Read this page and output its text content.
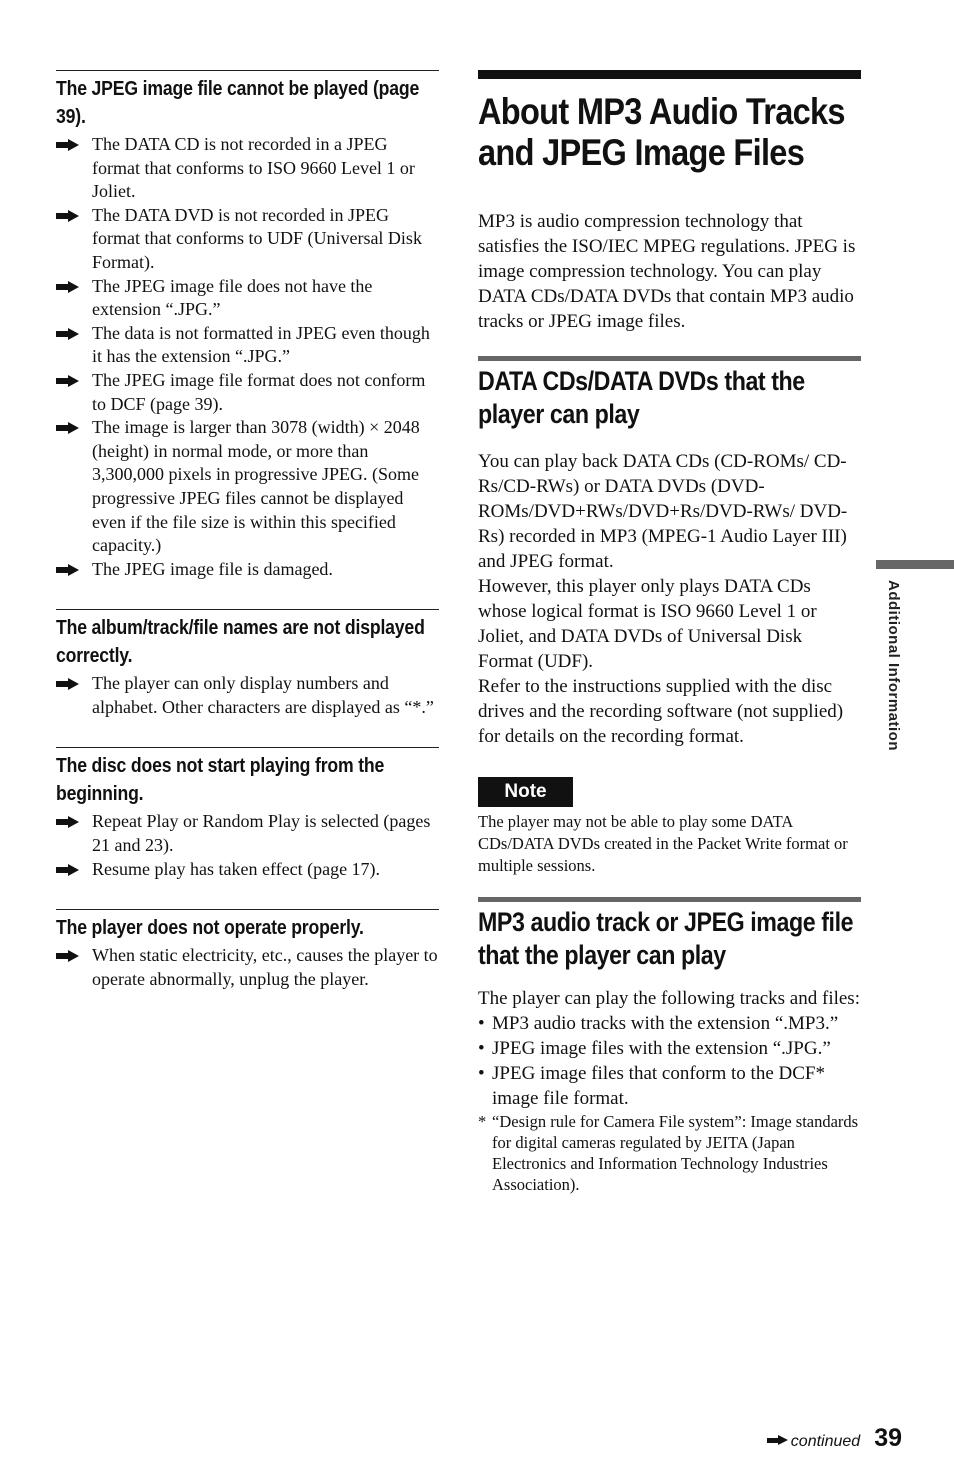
The JPEG image file cannot be played (page 39).
The DATA CD is not recorded in a JPEG format that conforms to ISO 9660 Level 1 or Joliet.
The DATA DVD is not recorded in JPEG format that conforms to UDF (Universal Disk Format).
The JPEG image file does not have the extension “.JPG.”
The data is not formatted in JPEG even though it has the extension “.JPG.”
The JPEG image file format does not conform to DCF (page 39).
The image is larger than 3078 (width) × 2048 (height) in normal mode, or more than 3,300,000 pixels in progressive JPEG. (Some progressive JPEG files cannot be displayed even if the file size is within this specified capacity.)
The JPEG image file is damaged.
The album/track/file names are not displayed correctly.
The player can only display numbers and alphabet. Other characters are displayed as “*.”
The disc does not start playing from the beginning.
Repeat Play or Random Play is selected (pages 21 and 23).
Resume play has taken effect (page 17).
The player does not operate properly.
When static electricity, etc., causes the player to operate abnormally, unplug the player.
About MP3 Audio Tracks and JPEG Image Files

MP3 is audio compression technology that satisfies the ISO/IEC MPEG regulations. JPEG is image compression technology. You can play DATA CDs/DATA DVDs that contain MP3 audio tracks or JPEG image files.

DATA CDs/DATA DVDs that the player can play

You can play back DATA CDs (CD-ROMs/ CD-Rs/CD-RWs) or DATA DVDs (DVD-ROMs/DVD+RWs/DVD+Rs/DVD-RWs/ DVD-Rs) recorded in MP3 (MPEG-1 Audio Layer III) and JPEG format.

However, this player only plays DATA CDs whose logical format is ISO 9660 Level 1 or Joliet, and DATA DVDs of Universal Disk Format (UDF).

Refer to the instructions supplied with the disc drives and the recording software (not supplied) for details on the recording format.

Note
The player may not be able to play some DATA CDs/DATA DVDs created in the Packet Write format or multiple sessions.
MP3 audio track or JPEG image file that the player can play

The player can play the following tracks and files:

• MP3 audio tracks with the extension “.MP3.”
• JPEG image files with the extension “.JPG.”
• JPEG image files that conform to the DCF* image file format.
* “Design rule for Camera File system”: Image standards for digital cameras regulated by JEITA (Japan Electronics and Information Technology Industries Association).
Additional Information
continued 39
